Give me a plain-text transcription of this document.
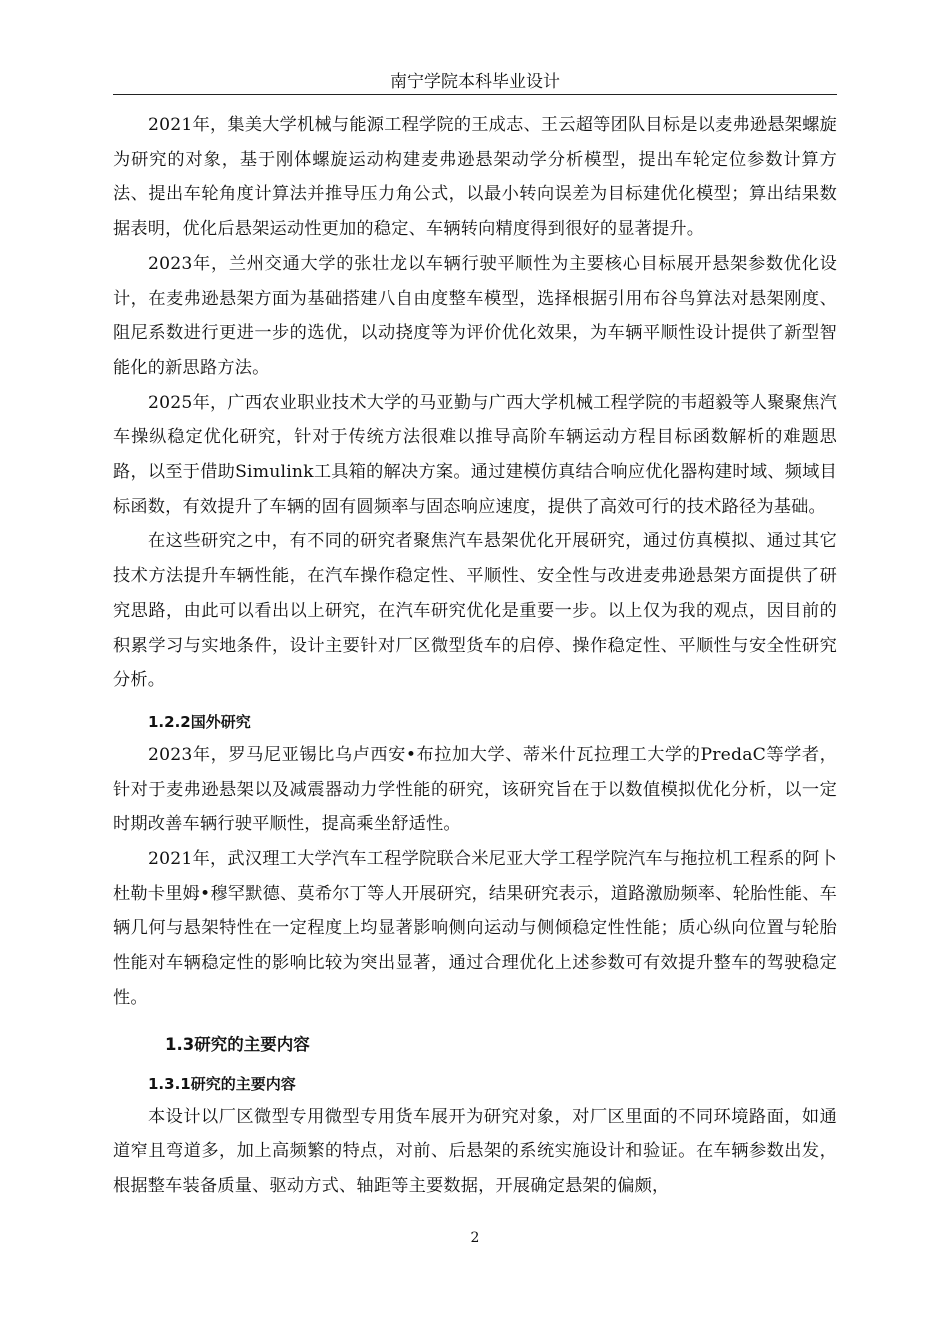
南宁学院本科毕业设计

2021年，集美大学机械与能源工程学院的王成志、王云超等团队目标是以麦弗逊悬架螺旋为研究的对象，基于刚体螺旋运动构建麦弗逊悬架动学分析模型，提出车轮定位参数计算方法、提出车轮角度计算法并推导压力角公式，以最小转向误差为目标建优化模型；算出结果数据表明，优化后悬架运动性更加的稳定、车辆转向精度得到很好的显著提升。

2023年，兰州交通大学的张壮龙以车辆行驶平顺性为主要核心目标展开悬架参数优化设计，在麦弗逊悬架方面为基础搭建八自由度整车模型，选择根据引用布谷鸟算法对悬架刚度、阻尼系数进行更进一步的选优，以动挠度等为评价优化效果，为车辆平顺性设计提供了新型智能化的新思路方法。

2025年，广西农业职业技术大学的马亚勤与广西大学机械工程学院的韦超毅等人聚聚焦汽车操纵稳定优化研究，针对于传统方法很难以推导高阶车辆运动方程目标函数解析的难题思路，以至于借助Simulink工具箱的解决方案。通过建模仿真结合响应优化器构建时域、频域目标函数，有效提升了车辆的固有圆频率与固态响应速度，提供了高效可行的技术路径为基础。

在这些研究之中，有不同的研究者聚焦汽车悬架优化开展研究，通过仿真模拟、通过其它技术方法提升车辆性能，在汽车操作稳定性、平顺性、安全性与改进麦弗逊悬架方面提供了研究思路，由此可以看出以上研究，在汽车研究优化是重要一步。以上仅为我的观点，因目前的积累学习与实地条件，设计主要针对厂区微型货车的启停、操作稳定性、平顺性与安全性研究分析。

1.2.2国外研究

2023年，罗马尼亚锡比乌卢西安•布拉加大学、蒂米什瓦拉理工大学的PredaC等学者，针对于麦弗逊悬架以及减震器动力学性能的研究，该研究旨在于以数值模拟优化分析，以一定时期改善车辆行驶平顺性，提高乘坐舒适性。

2021年，武汉理工大学汽车工程学院联合米尼亚大学工程学院汽车与拖拉机工程系的阿卜杜勒卡里姆•穆罕默德、莫希尔丁等人开展研究，结果研究表示，道路激励频率、轮胎性能、车辆几何与悬架特性在一定程度上均显著影响侧向运动与侧倾稳定性性能；质心纵向位置与轮胎性能对车辆稳定性的影响比较为突出显著，通过合理优化上述参数可有效提升整车的驾驶稳定性。

1.3研究的主要内容
1.3.1研究的主要内容

本设计以厂区微型专用微型专用货车展开为研究对象，对厂区里面的不同环境路面，如通道窄且弯道多，加上高频繁的特点，对前、后悬架的系统实施设计和验证。在车辆参数出发，根据整车装备质量、驱动方式、轴距等主要数据，开展确定悬架的偏颇，

2
